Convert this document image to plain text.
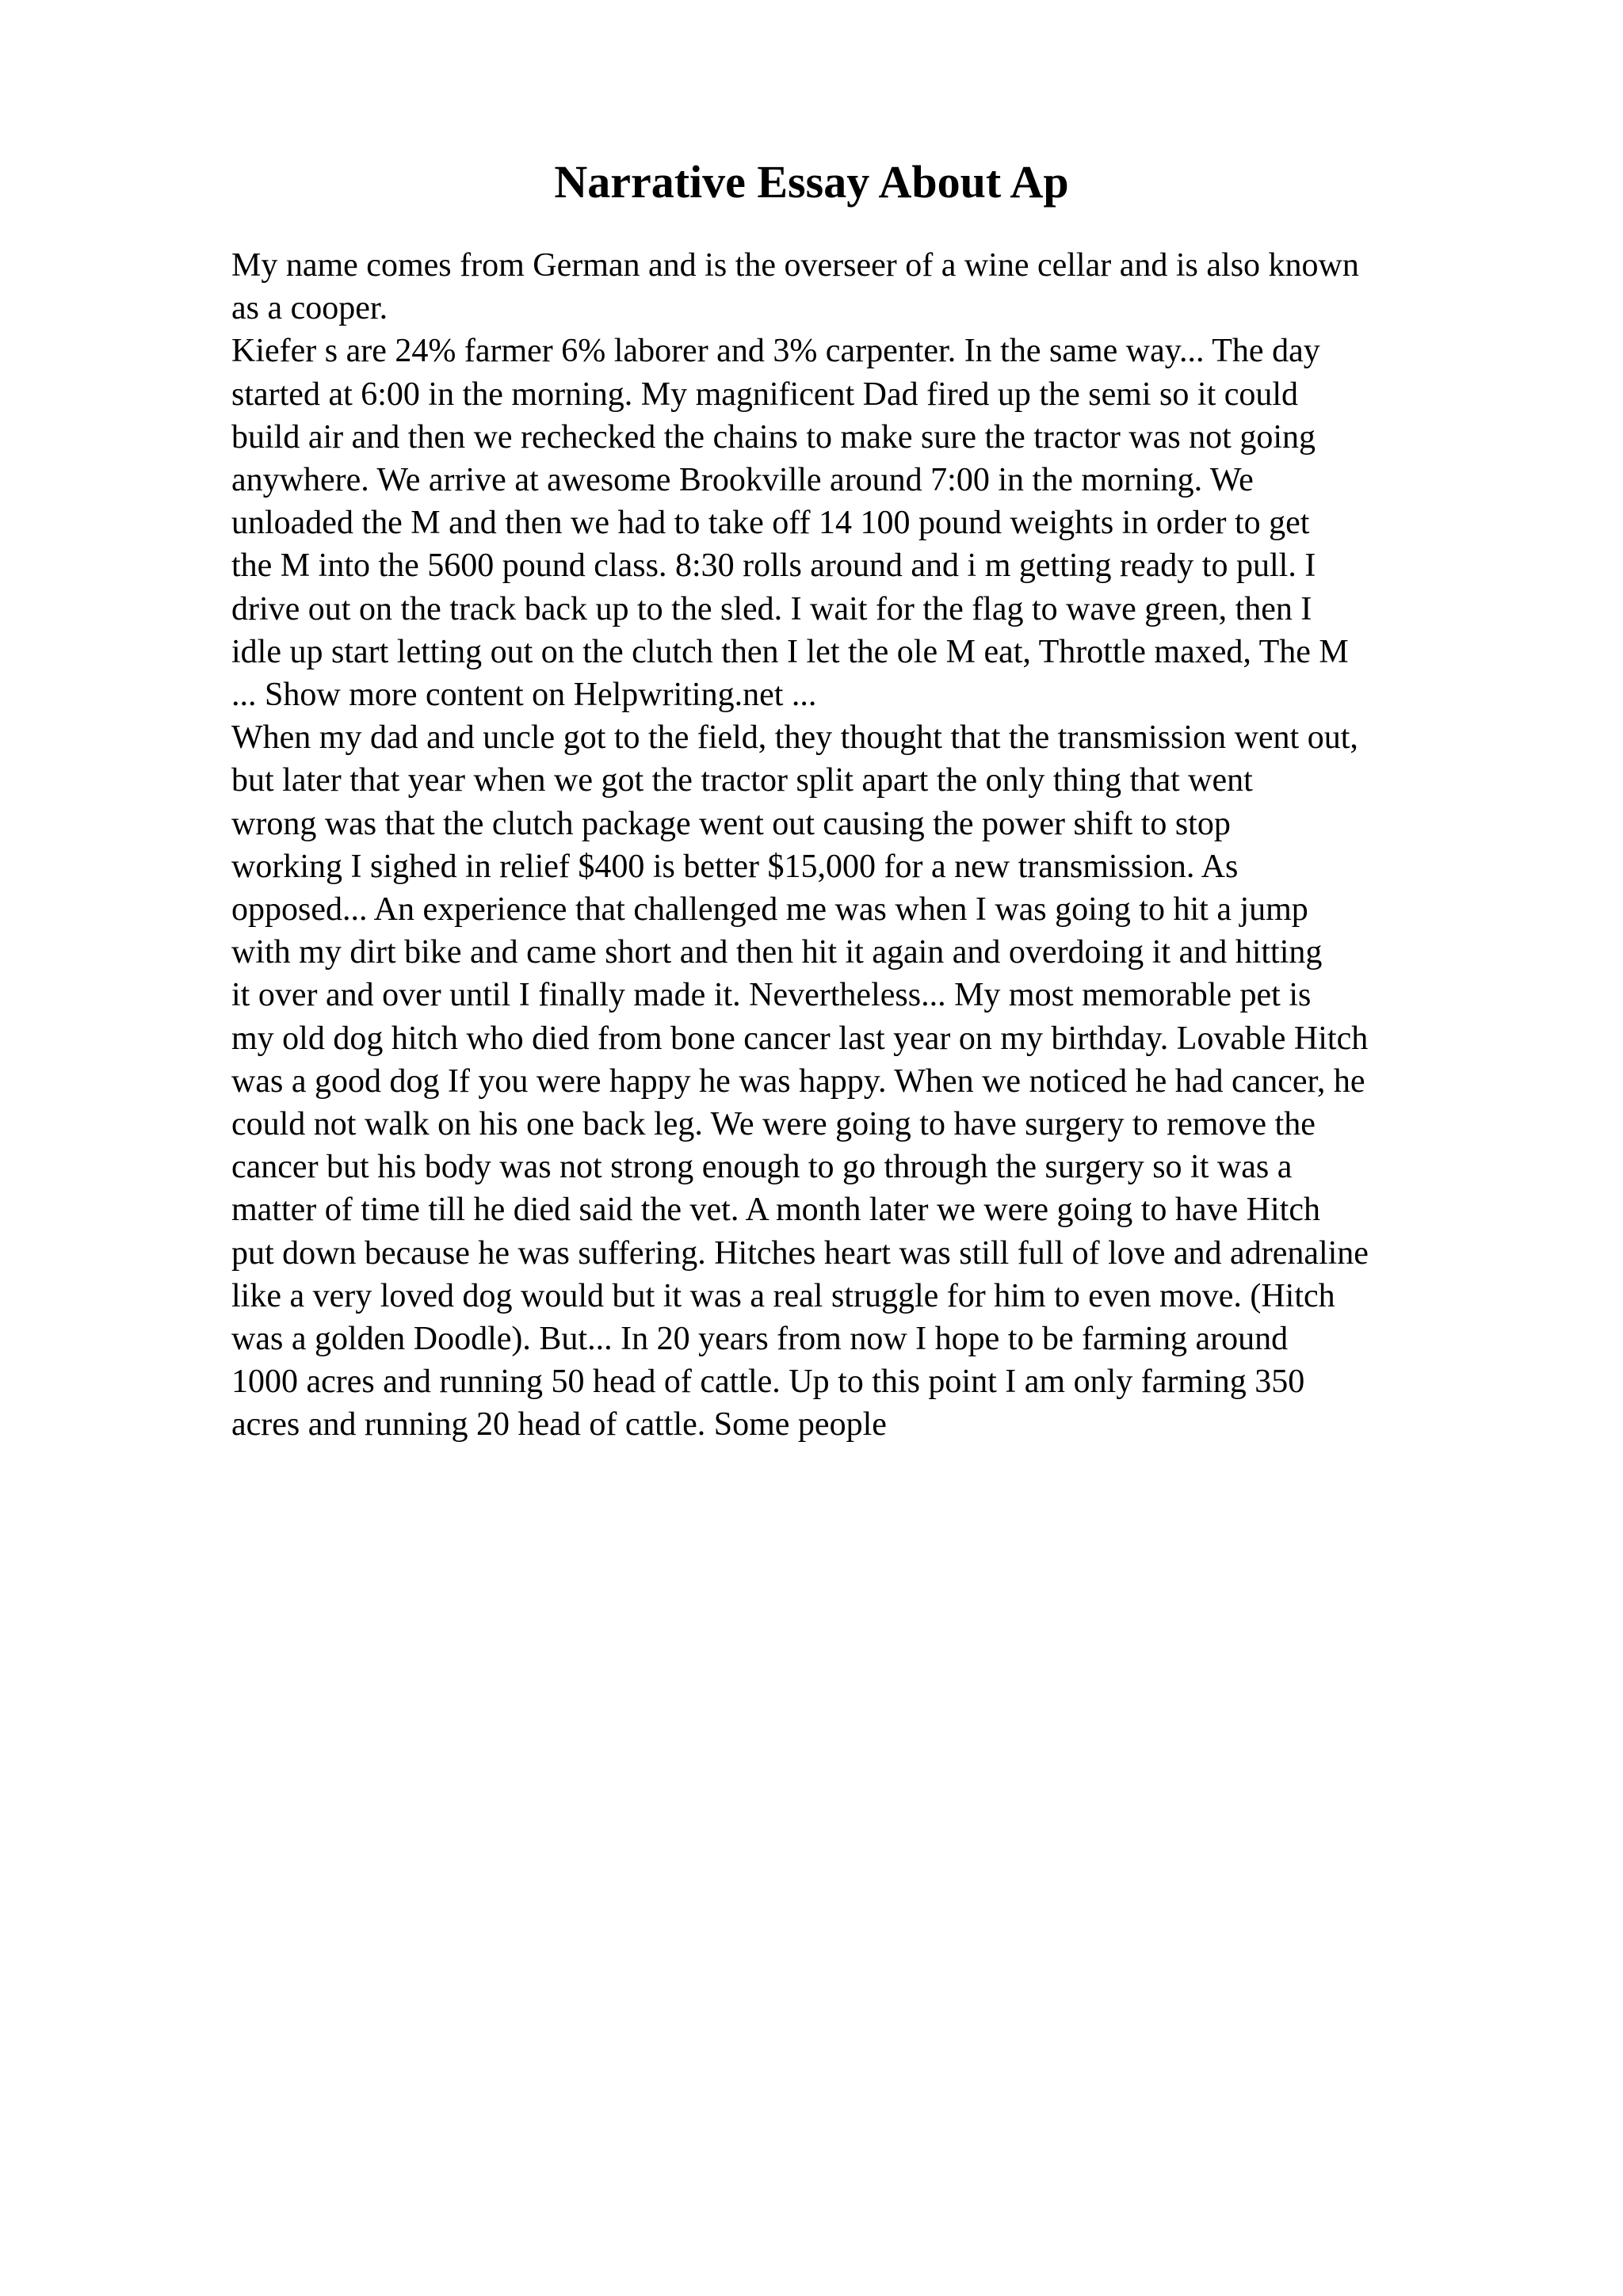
Narrative Essay About Ap
My name comes from German and is the overseer of a wine cellar and is also known
as a cooper.
Kiefer s are 24% farmer 6% laborer and 3% carpenter. In the same way... The day
started at 6:00 in the morning. My magnificent Dad fired up the semi so it could
build air and then we rechecked the chains to make sure the tractor was not going
anywhere. We arrive at awesome Brookville around 7:00 in the morning. We
unloaded the M and then we had to take off 14 100 pound weights in order to get
the M into the 5600 pound class. 8:30 rolls around and i m getting ready to pull. I
drive out on the track back up to the sled. I wait for the flag to wave green, then I
idle up start letting out on the clutch then I let the ole M eat, Throttle maxed, The M
... Show more content on Helpwriting.net ...
When my dad and uncle got to the field, they thought that the transmission went out,
but later that year when we got the tractor split apart the only thing that went
wrong was that the clutch package went out causing the power shift to stop
working I sighed in relief $400 is better $15,000 for a new transmission. As
opposed... An experience that challenged me was when I was going to hit a jump
with my dirt bike and came short and then hit it again and overdoing it and hitting
it over and over until I finally made it. Nevertheless... My most memorable pet is
my old dog hitch who died from bone cancer last year on my birthday. Lovable Hitch
was a good dog If you were happy he was happy. When we noticed he had cancer, he
could not walk on his one back leg. We were going to have surgery to remove the
cancer but his body was not strong enough to go through the surgery so it was a
matter of time till he died said the vet. A month later we were going to have Hitch
put down because he was suffering. Hitches heart was still full of love and adrenaline
like a very loved dog would but it was a real struggle for him to even move. (Hitch
was a golden Doodle). But... In 20 years from now I hope to be farming around
1000 acres and running 50 head of cattle. Up to this point I am only farming 350
acres and running 20 head of cattle. Some people
